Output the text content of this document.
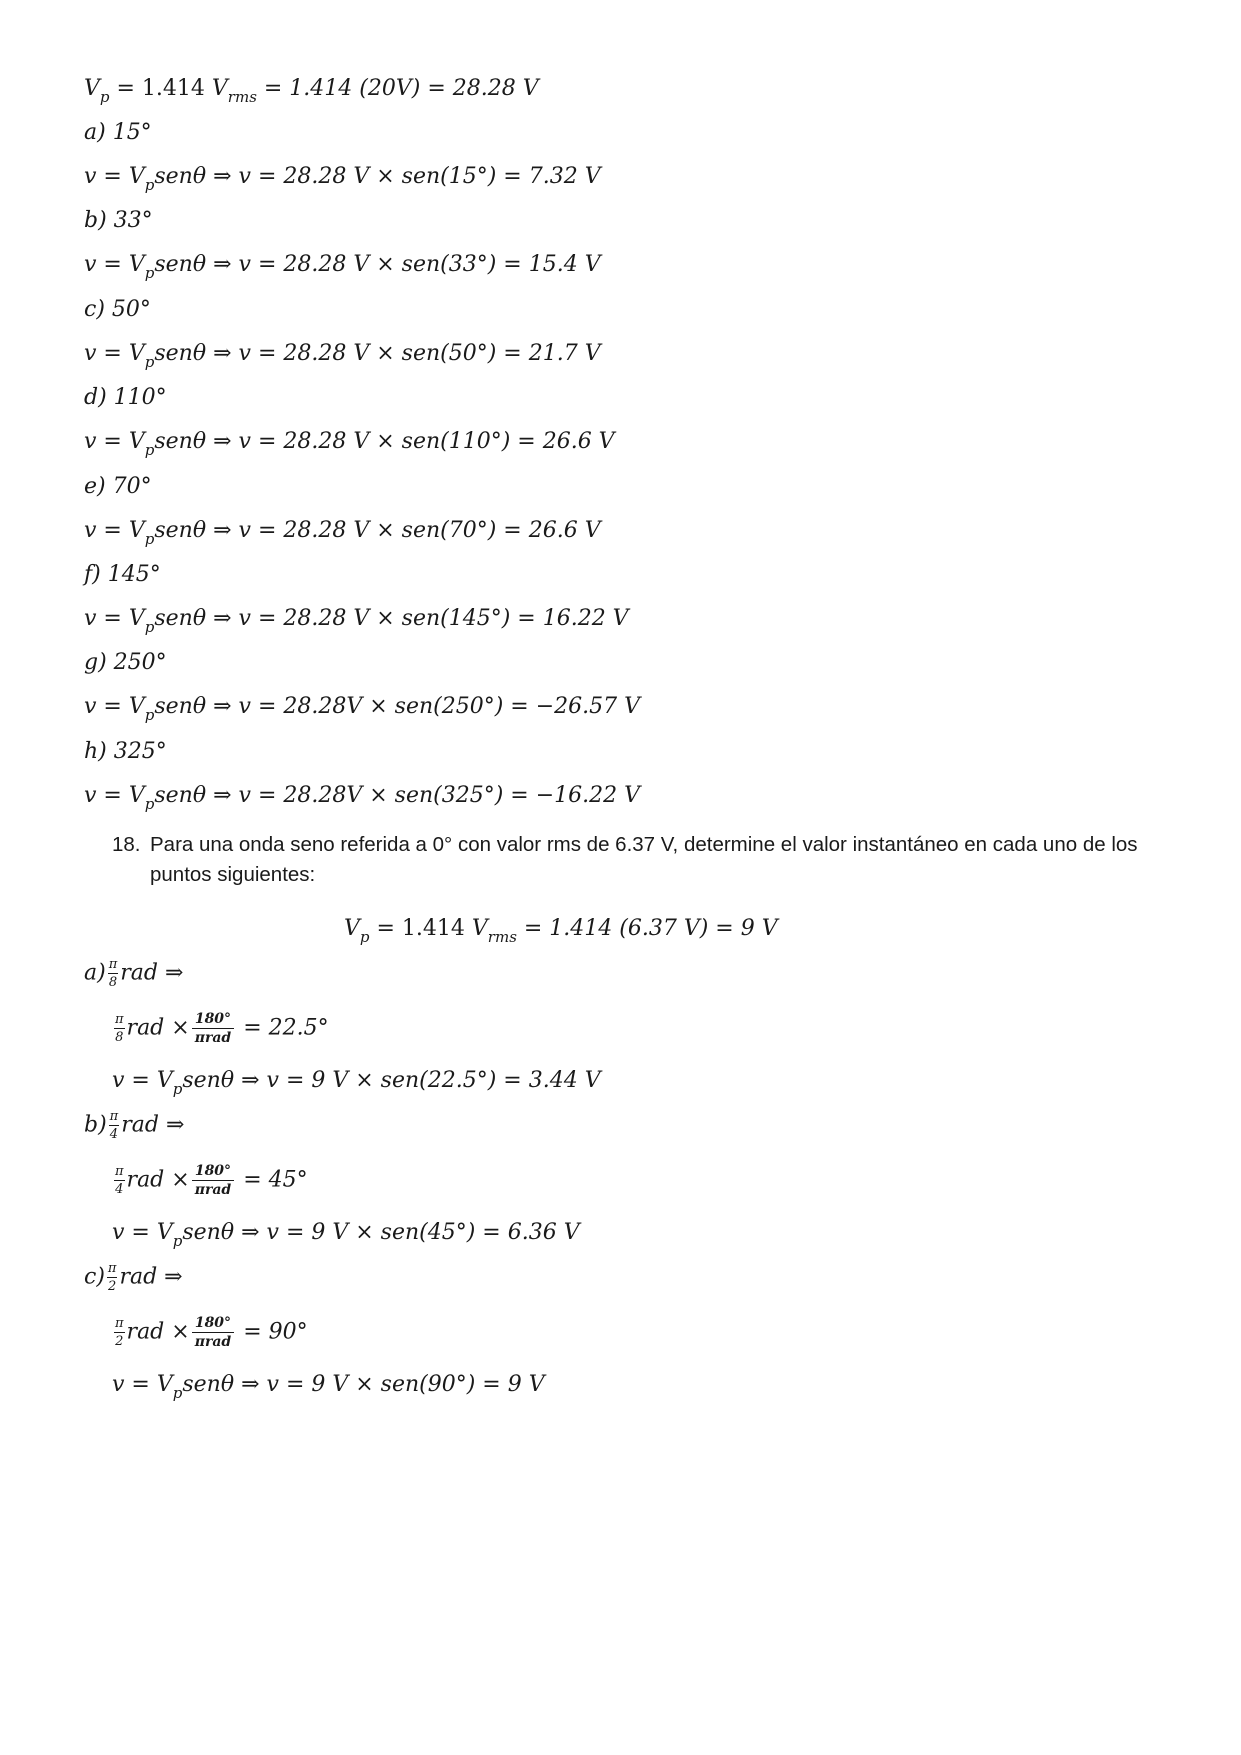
$V_p = 1.414$ $V_{rms} = 1.414$ (20V) = 28.28 V
a) 15°
$v = V_psen\theta$ ⇒ v = 28.28 V × sen(15°) = 7.32 V
b) 33°
$v = V_psen\theta$ ⇒ v = 28.28 V × sen(33°) = 15.4 V
c) 50°
$v = V_psen\theta$ ⇒ v = 28.28 V × sen(50°) = 21.7 V
d) 110°
$v = V_psen\theta$ ⇒ v = 28.28 V × sen(110°) = 26.6 V
e) 70°
$v = V_psen\theta$ ⇒ v = 28.28 V × sen(70°) = 26.6 V
f) 145°
$v = V_psen\theta$ ⇒ v = 28.28 V × sen(145°) = 16.22 V
g) 250°
$v = V_psen\theta$ ⇒ v = 28.28V × sen(250°) = −26.57 V
h) 325°
$v = V_psen\theta$ ⇒ v = 28.28V × sen(325°) = −16.22 V
18. Para una onda seno referida a 0° con valor rms de 6.37 V, determine el valor instantáneo en cada uno de los puntos siguientes:
$V_p = 1.414$ $V_{rms} = 1.414$ (6.37 V) = 9 V
$a) \frac{\pi}{8}$ rad ⇒
$\frac{\pi}{8}$ rad × $\frac{180^\circ}{\text{πrad}} = 22.5^\circ$
$v = V_psen\theta$ ⇒ v = 9 V × sen(22.5°) = 3.44 V
$b) \frac{\pi}{4}$ rad ⇒
$\frac{\pi}{4}$ rad × $\frac{180^\circ}{\text{πrad}} = 45^\circ$
$v = V_psen\theta$ ⇒ v = 9 V × sen(45°) = 6.36 V
$c) \frac{\pi}{2}$ rad ⇒
$\frac{\pi}{2}$ rad × $\frac{180^\circ}{\text{πrad}} = 90^\circ$
$v = V_psen\theta$ ⇒ v = 9 V × sen(90°) = 9 V
